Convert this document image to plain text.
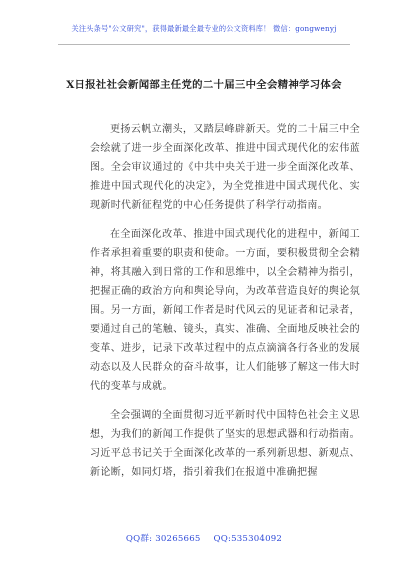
关注头条号"公文研究"，获得最新最全最专业的公文资料库！ 微信：gongwenyj
X日报社社会新闻部主任党的二十届三中全会精神学习体会

更扬云帆立潮头，又踏层峰辟新天。党的二十届三中全会绘就了进一步全面深化改革、推进中国式现代化的宏伟蓝图。全会审议通过的《中共中央关于进一步全面深化改革、推进中国式现代化的决定》，为全党推进中国式现代化、实现新时代新征程党的中心任务提供了科学行动指南。

在全面深化改革、推进中国式现代化的进程中，新闻工作者承担着重要的职责和使命。一方面，要积极贯彻全会精神，将其融入到日常的工作和思维中，以全会精神为指引，把握正确的政治方向和舆论导向，为改革营造良好的舆论氛围。另一方面，新闻工作者是时代风云的见证者和记录者，要通过自己的笔触、镜头，真实、准确、全面地反映社会的变革、进步，记录下改革过程中的点点滴滴各行各业的发展动态以及人民群众的奋斗故事，让人们能够了解这一伟大时代的变革与成就。

全会强调的全面贯彻习近平新时代中国特色社会主义思想，为我们的新闻工作提供了坚实的思想武器和行动指南。习近平总书记关于全面深化改革的一系列新思想、新观点、新论断，如同灯塔，指引着我们在报道中准确把握

QQ群: 30265665 QQ:535304092
